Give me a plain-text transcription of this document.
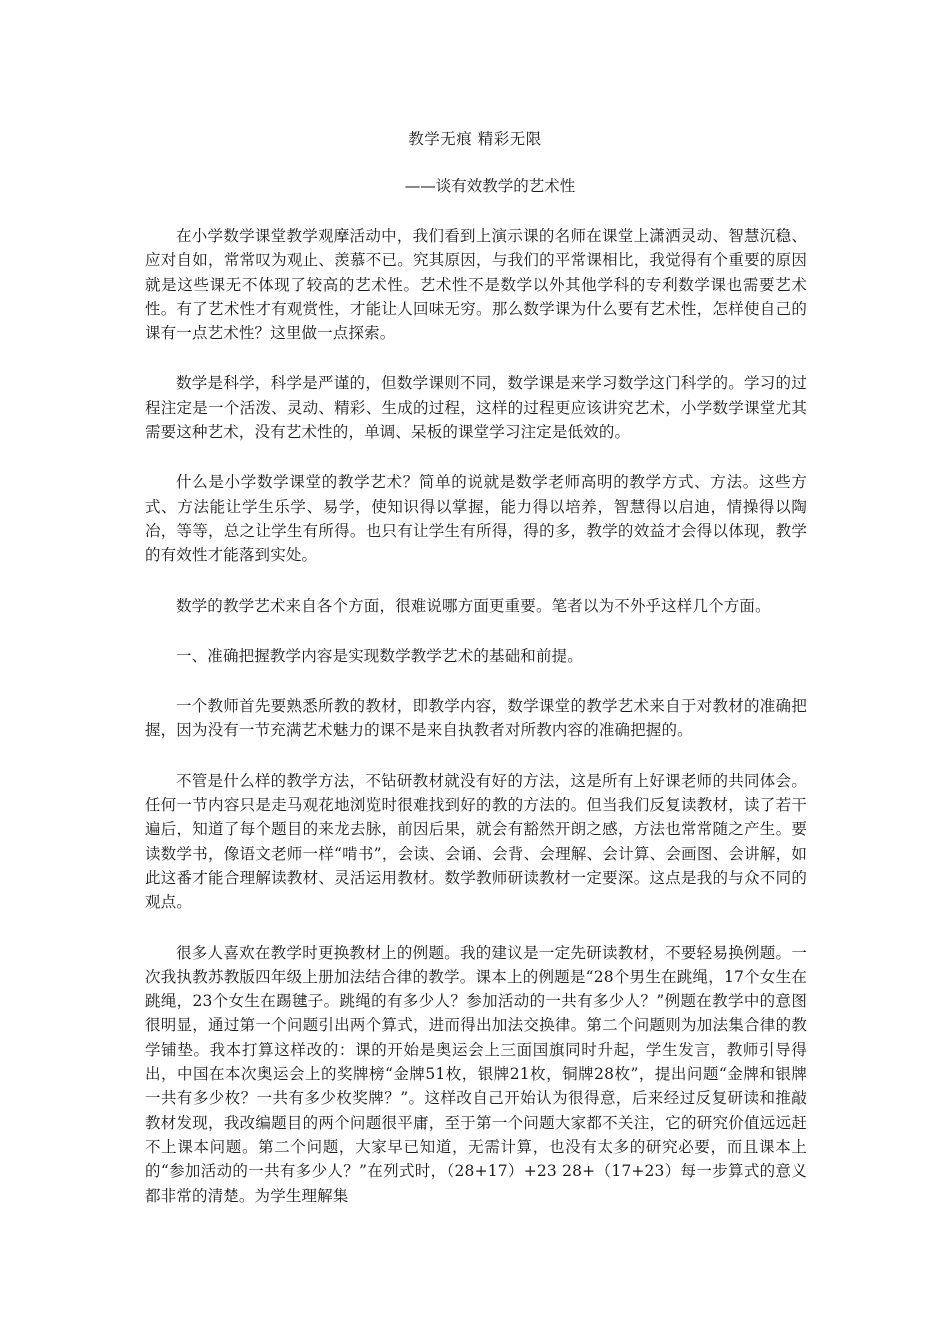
教学无痕 精彩无限
——谈有效教学的艺术性

在小学数学课堂教学观摩活动中，我们看到上演示课的名师在课堂上潇洒灵动、智慧沉稳、应对自如，常常叹为观止、羡慕不已。究其原因，与我们的平常课相比，我觉得有个重要的原因就是这些课无不体现了较高的艺术性。艺术性不是数学以外其他学科的专利数学课也需要艺术性。有了艺术性才有观赏性，才能让人回味无穷。那么数学课为什么要有艺术性，怎样使自己的课有一点艺术性？这里做一点探索。

数学是科学，科学是严谨的，但数学课则不同，数学课是来学习数学这门科学的。学习的过程注定是一个活泼、灵动、精彩、生成的过程，这样的过程更应该讲究艺术，小学数学课堂尤其需要这种艺术，没有艺术性的，单调、呆板的课堂学习注定是低效的。

什么是小学数学课堂的教学艺术？简单的说就是数学老师高明的教学方式、方法。这些方式、方法能让学生乐学、易学，使知识得以掌握，能力得以培养，智慧得以启迪，情操得以陶冶，等等，总之让学生有所得。也只有让学生有所得，得的多，教学的效益才会得以体现，教学的有效性才能落到实处。

数学的教学艺术来自各个方面，很难说哪方面更重要。笔者以为不外乎这样几个方面。

一、准确把握教学内容是实现数学教学艺术的基础和前提。

一个教师首先要熟悉所教的教材，即教学内容，数学课堂的教学艺术来自于对教材的准确把握，因为没有一节充满艺术魅力的课不是来自执教者对所教内容的准确把握的。

不管是什么样的教学方法，不钻研教材就没有好的方法，这是所有上好课老师的共同体会。任何一节内容只是走马观花地浏览时很难找到好的教的方法的。但当我们反复读教材，读了若干遍后，知道了每个题目的来龙去脉，前因后果，就会有豁然开朗之感，方法也常常随之产生。要读数学书，像语文老师一样“啃书”，会读、会诵、会背、会理解、会计算、会画图、会讲解，如此这番才能合理解读教材、灵活运用教材。数学教师研读教材一定要深。这点是我的与众不同的观点。

很多人喜欢在教学时更换教材上的例题。我的建议是一定先研读教材，不要轻易换例题。一次我执教苏教版四年级上册加法结合律的教学。课本上的例题是“28个男生在跳绳，17个女生在跳绳，23个女生在踢毽子。跳绳的有多少人？参加活动的一共有多少人？”例题在教学中的意图很明显，通过第一个问题引出两个算式，进而得出加法交换律。第二个问题则为加法集合律的教学铺垫。我本打算这样改的：课的开始是奥运会上三面国旗同时升起，学生发言，教师引导得出，中国在本次奥运会上的奖牌榜“金牌51枚，银牌21枚，铜牌28枚”，提出问题“金牌和银牌一共有多少枚？一共有多少枚奖牌？”。这样改自己开始认为很得意，后来经过反复研读和推敲教材发现，我改编题目的两个问题很平庸，至于第一个问题大家都不关注，它的研究价值远远赶不上课本问题。第二个问题，大家早已知道，无需计算，也没有太多的研究必要，而且课本上的“参加活动的一共有多少人？”在列式时，（28+17）+23 28+（17+23）每一步算式的意义都非常的清楚。为学生理解集
